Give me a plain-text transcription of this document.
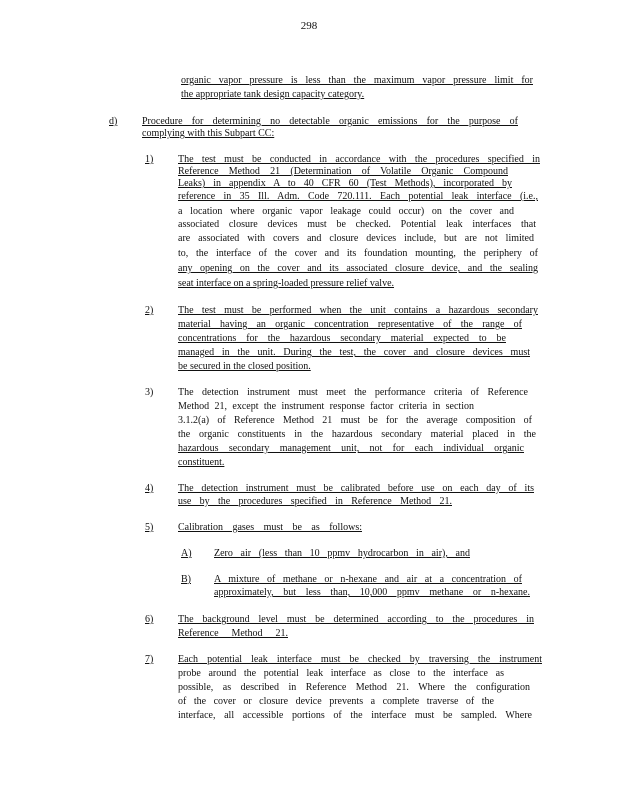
298
organic vapor pressure is less than the maximum vapor pressure limit for
the appropriate tank design capacity category.
d) Procedure for determining no detectable organic emissions for the purpose of
complying with this Subpart CC:
1) The test must be conducted in accordance with the procedures specified in
Reference Method 21 (Determination of Volatile Organic Compound
Leaks) in appendix A to 40 CFR 60 (Test Methods), incorporated by
reference in 35 Ill. Adm. Code 720.111. Each potential leak interface (i.e.,
a location where organic vapor leakage could occur) on the cover and
associated closure devices must be checked. Potential leak interfaces that
are associated with covers and closure devices include, but are not limited
to, the interface of the cover and its foundation mounting, the periphery of
any opening on the cover and its associated closure device, and the sealing
seat interface on a spring-loaded pressure relief valve.
2) The test must be performed when the unit contains a hazardous secondary
material having an organic concentration representative of the range of
concentrations for the hazardous secondary material expected to be
managed in the unit. During the test, the cover and closure devices must
be secured in the closed position.
3) The detection instrument must meet the performance criteria of Reference
Method 21, except the instrument response factor criteria in section
3.1.2(a) of Reference Method 21 must be for the average composition of
the organic constituents in the hazardous secondary material placed in the
hazardous secondary management unit, not for each individual organic
constituent.
4) The detection instrument must be calibrated before use on each day of its
use by the procedures specified in Reference Method 21.
5) Calibration gases must be as follows:
A) Zero air (less than 10 ppmv hydrocarbon in air), and
B) A mixture of methane or n-hexane and air at a concentration of
approximately, but less than, 10,000 ppmv methane or n-hexane.
6) The background level must be determined according to the procedures in
Reference Method 21.
7) Each potential leak interface must be checked by traversing the instrument
probe around the potential leak interface as close to the interface as
possible, as described in Reference Method 21. Where the configuration
of the cover or closure device prevents a complete traverse of the
interface, all accessible portions of the interface must be sampled. Where
